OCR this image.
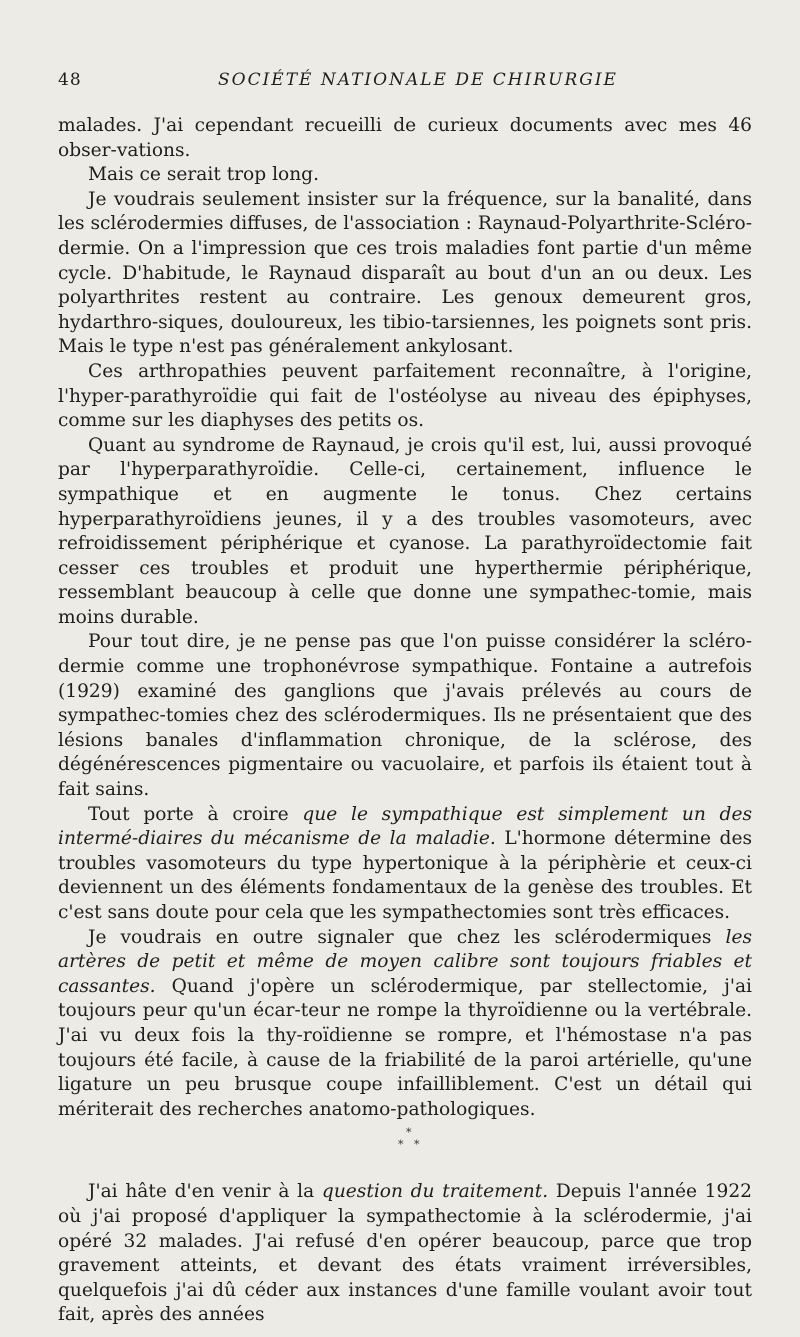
48	SOCIÉTÉ NATIONALE DE CHIRURGIE

malades. J'ai cependant recueilli de curieux documents avec mes 46 obser-vations.

Mais ce serait trop long.

Je voudrais seulement insister sur la fréquence, sur la banalité, dans les sclérodermies diffuses, de l'association : Raynaud-Polyarthrite-Scléro-dermie. On a l'impression que ces trois maladies font partie d'un même cycle. D'habitude, le Raynaud disparaît au bout d'un an ou deux. Les polyarthrites restent au contraire. Les genoux demeurent gros, hydarthro-siques, douloureux, les tibio-tarsiennes, les poignets sont pris. Mais le type n'est pas généralement ankylosant.

Ces arthropathies peuvent parfaitement reconnaître, à l'origine, l'hyper-parathyroïdie qui fait de l'ostéolyse au niveau des épiphyses, comme sur les diaphyses des petits os.

Quant au syndrome de Raynaud, je crois qu'il est, lui, aussi provoqué par l'hyperparathyroïdie. Celle-ci, certainement, influence le sympathique et en augmente le tonus. Chez certains hyperparathyroïdiens jeunes, il y a des troubles vasomoteurs, avec refroidissement périphérique et cyanose. La parathyroïdectomie fait cesser ces troubles et produit une hyperthermie périphérique, ressemblant beaucoup à celle que donne une sympathec-tomie, mais moins durable.

Pour tout dire, je ne pense pas que l'on puisse considérer la scléro-dermie comme une trophonévrose sympathique. Fontaine a autrefois (1929) examiné des ganglions que j'avais prélevés au cours de sympathec-tomies chez des sclérodermiques. Ils ne présentaient que des lésions banales d'inflammation chronique, de la sclérose, des dégénérescences pigmentaire ou vacuolaire, et parfois ils étaient tout à fait sains.

Tout porte à croire que le sympathique est simplement un des intermé-diaires du mécanisme de la maladie. L'hormone détermine des troubles vasomoteurs du type hypertonique à la périphèrie et ceux-ci deviennent un des éléments fondamentaux de la genèse des troubles. Et c'est sans doute pour cela que les sympathectomies sont très efficaces.

Je voudrais en outre signaler que chez les sclérodermiques les artères de petit et même de moyen calibre sont toujours friables et cassantes. Quand j'opère un sclérodermique, par stellectomie, j'ai toujours peur qu'un écar-teur ne rompe la thyroïdienne ou la vertébrale. J'ai vu deux fois la thy-roïdienne se rompre, et l'hémostase n'a pas toujours été facile, à cause de la friabilité de la paroi artérielle, qu'une ligature un peu brusque coupe infailliblement. C'est un détail qui mériterait des recherches anatomo-pathologiques.

*
* *

J'ai hâte d'en venir à la question du traitement. Depuis l'année 1922 où j'ai proposé d'appliquer la sympathectomie à la sclérodermie, j'ai opéré 32 malades. J'ai refusé d'en opérer beaucoup, parce que trop gravement atteints, et devant des états vraiment irréversibles, quelquefois j'ai dû céder aux instances d'une famille voulant avoir tout fait, après des années
